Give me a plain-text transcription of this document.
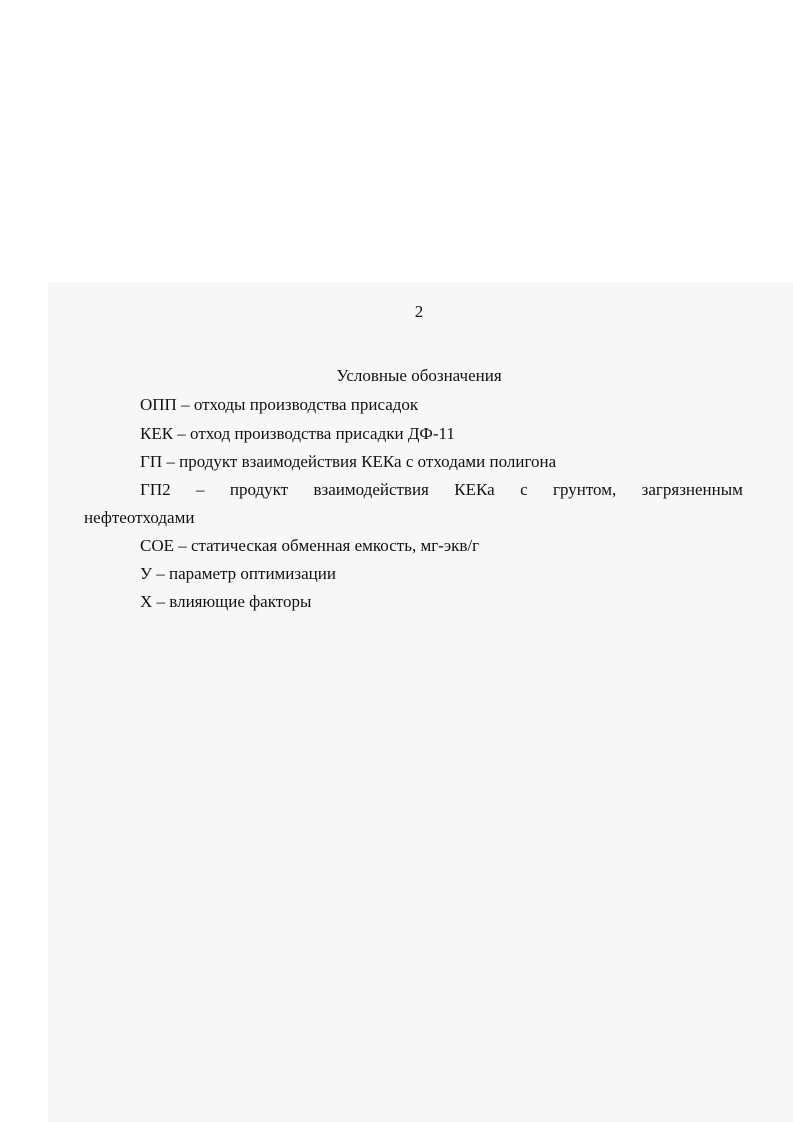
2
Условные обозначения
ОПП – отходы производства присадок
КЕК – отход производства присадки ДФ-11
ГП – продукт взаимодействия КЕКа с отходами полигона
ГП2 – продукт взаимодействия КЕКа с грунтом, загрязненным
нефтеотходами
СОЕ – статическая обменная емкость, мг-экв/г
У – параметр оптимизации
Х – влияющие факторы
